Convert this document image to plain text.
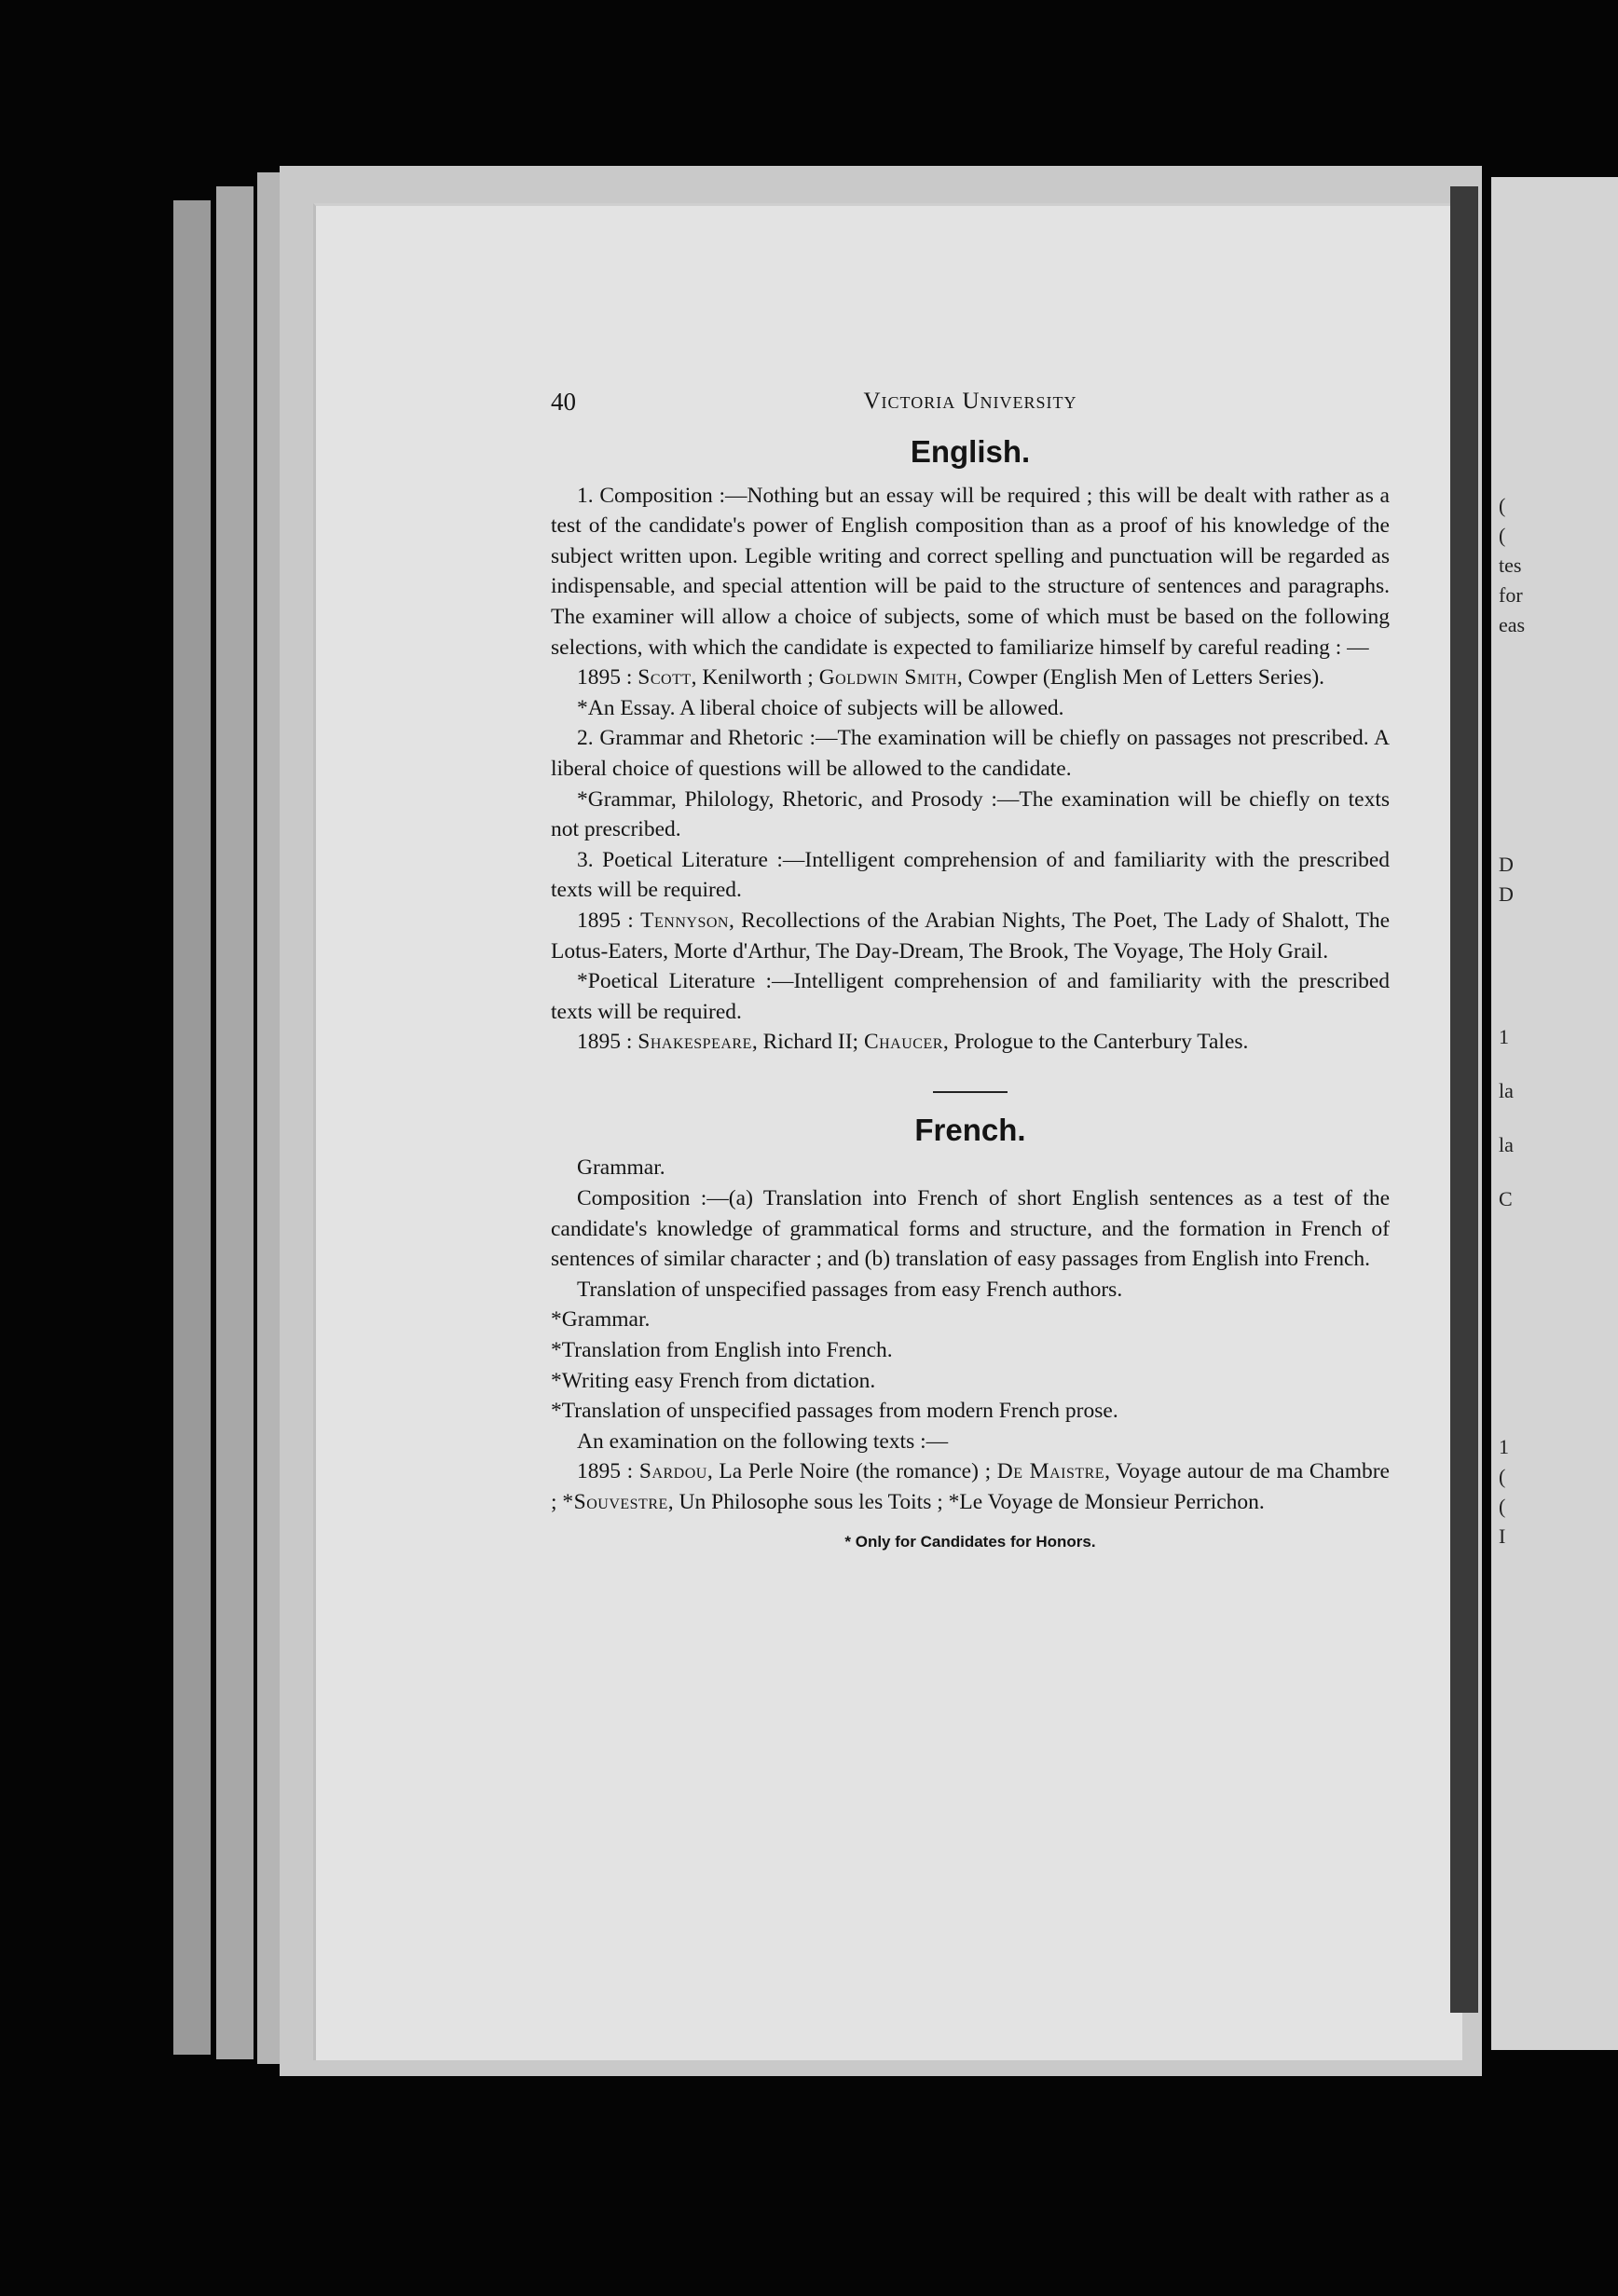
40	Victoria University
English.

1. Composition :—Nothing but an essay will be required ; this will be dealt with rather as a test of the candidate's power of English composition than as a proof of his knowledge of the subject written upon. Legible writing and correct spelling and punctuation will be regarded as indispensable, and special attention will be paid to the structure of sentences and paragraphs. The examiner will allow a choice of subjects, some of which must be based on the following selections, with which the candidate is expected to familiarize himself by careful reading : —

1895 : Scott, Kenilworth ; Goldwin Smith, Cowper (English Men of Letters Series).

*An Essay. A liberal choice of subjects will be allowed.

2. Grammar and Rhetoric :—The examination will be chiefly on passages not prescribed. A liberal choice of questions will be allowed to the candidate.

*Grammar, Philology, Rhetoric, and Prosody :—The examination will be chiefly on texts not prescribed.

3. Poetical Literature :—Intelligent comprehension of and familiarity with the prescribed texts will be required.

1895 : Tennyson, Recollections of the Arabian Nights, The Poet, The Lady of Shalott, The Lotus-Eaters, Morte d'Arthur, The Day-Dream, The Brook, The Voyage, The Holy Grail.

*Poetical Literature :—Intelligent comprehension of and familiarity with the prescribed texts will be required.

1895 : Shakespeare, Richard II; Chaucer, Prologue to the Canterbury Tales.

French.

Grammar.

Composition :—(a) Translation into French of short English sentences as a test of the candidate's knowledge of grammatical forms and structure, and the formation in French of sentences of similar character ; and (b) translation of easy passages from English into French.

Translation of unspecified passages from easy French authors.

*Grammar.

*Translation from English into French.

*Writing easy French from dictation.

*Translation of unspecified passages from modern French prose.

An examination on the following texts :—

1895 : Sardou, La Perle Noire (the romance) ; De Maistre, Voyage autour de ma Chambre ; *Souvestre, Un Philosophe sous les Toits ; *Le Voyage de Monsieur Perrichon.

* Only for Candidates for Honors.
(
(
tes
for
eas
D
D
1
la
la
C
1
(
(
I
